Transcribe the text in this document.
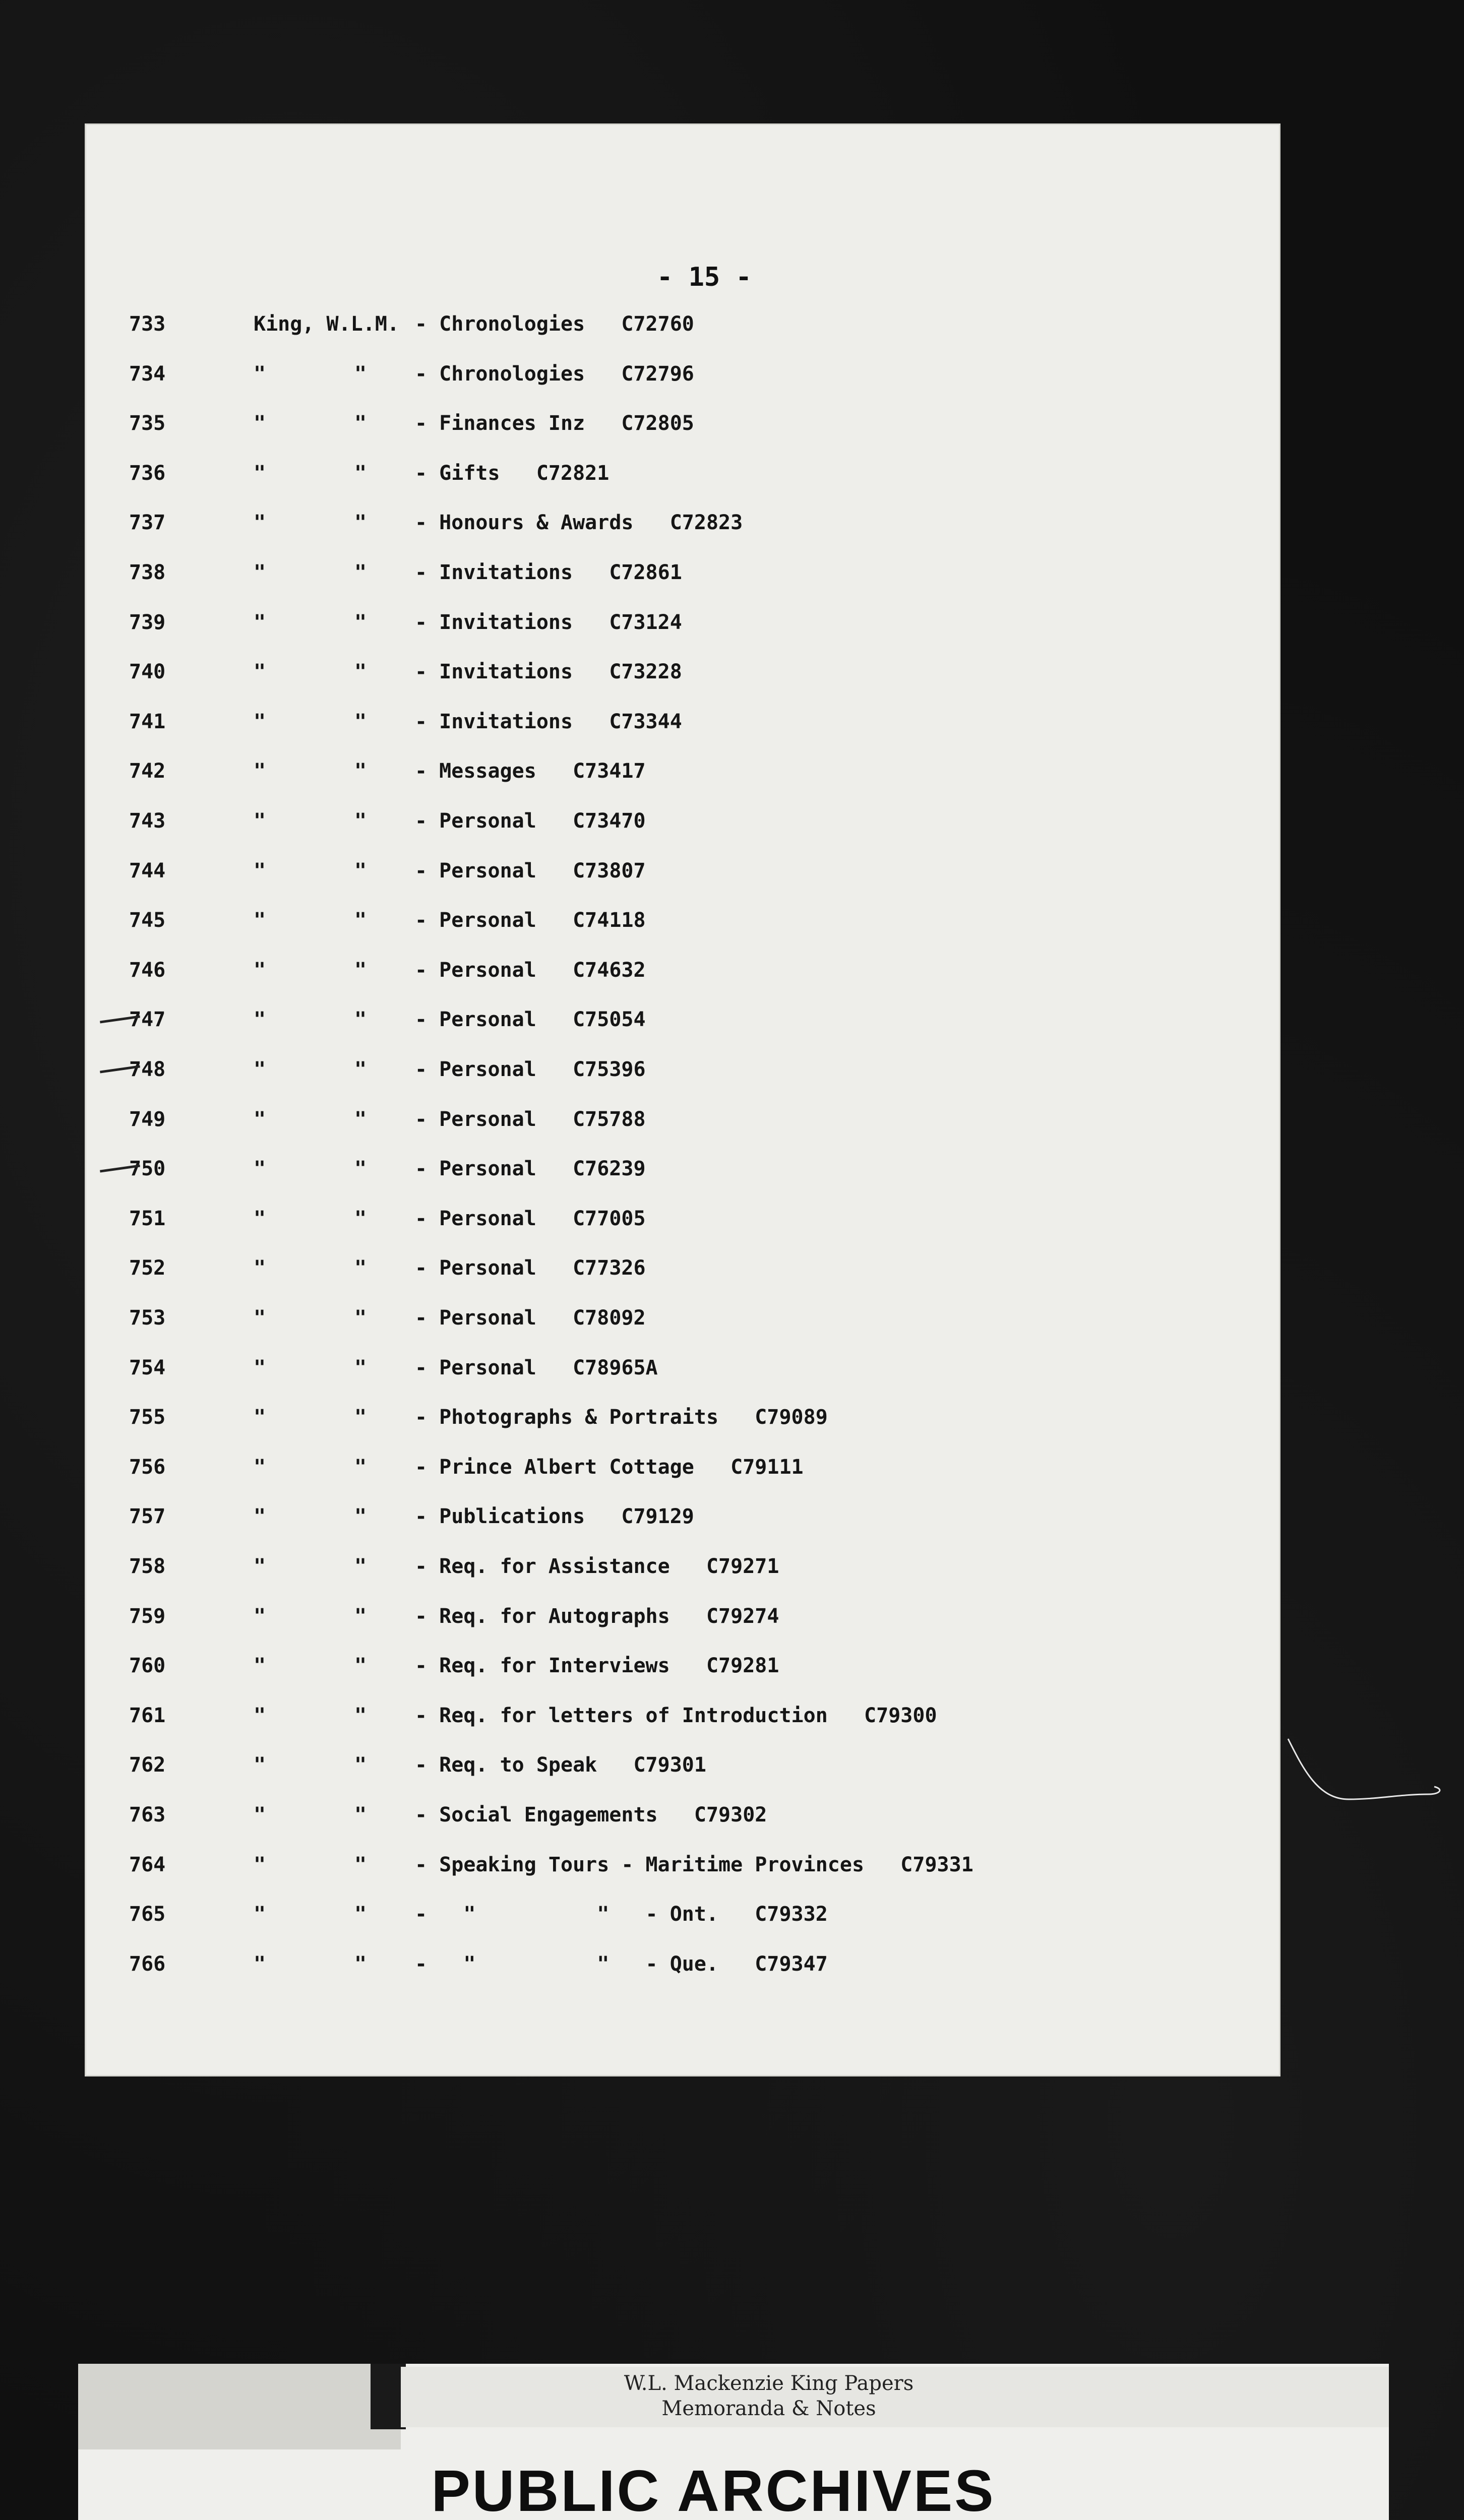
- 15 -
733	King, W.L.M. - Chronologies   C72760
734	"	" - Chronologies   C72796
735	"	" - Finances Inz   C72805
736	"	" - Gifts   C72821
737	"	" - Honours & Awards   C72823
738	"	" - Invitations   C72861
739	"	" - Invitations   C73124
740	"	" - Invitations   C73228
741	"	" - Invitations   C73344
742	"	" - Messages   C73417
743	"	" - Personal   C73470
744	"	" - Personal   C73807
745	"	" - Personal   C74118
746	"	" - Personal   C74632
747	"	" - Personal   C75054
748	"	" - Personal   C75396
749	"	" - Personal   C75788
750	"	" - Personal   C76239
751	"	" - Personal   C77005
752	"	" - Personal   C77326
753	"	" - Personal   C78092
754	"	" - Personal   C78965A
755	"	" - Photographs & Portraits   C79089
756	"	" - Prince Albert Cottage   C79111
757	"	" - Publications   C79129
758	"	" - Req. for Assistance   C79271
759	"	" - Req. for Autographs   C79274
760	"	" - Req. for Interviews   C79281
761	"	" - Req. for letters of Introduction   C79300
762	"	" - Req. to Speak   C79301
763	"	" - Social Engagements   C79302
764	"	" - Speaking Tours - Maritime Provinces   C79331
765	"	" -   "          "   - Ont.   C79332
766	"	" -   "          "   - Que.   C79347
W.L. Mackenzie King Papers
Memoranda & Notes
PUBLIC ARCHIVES
